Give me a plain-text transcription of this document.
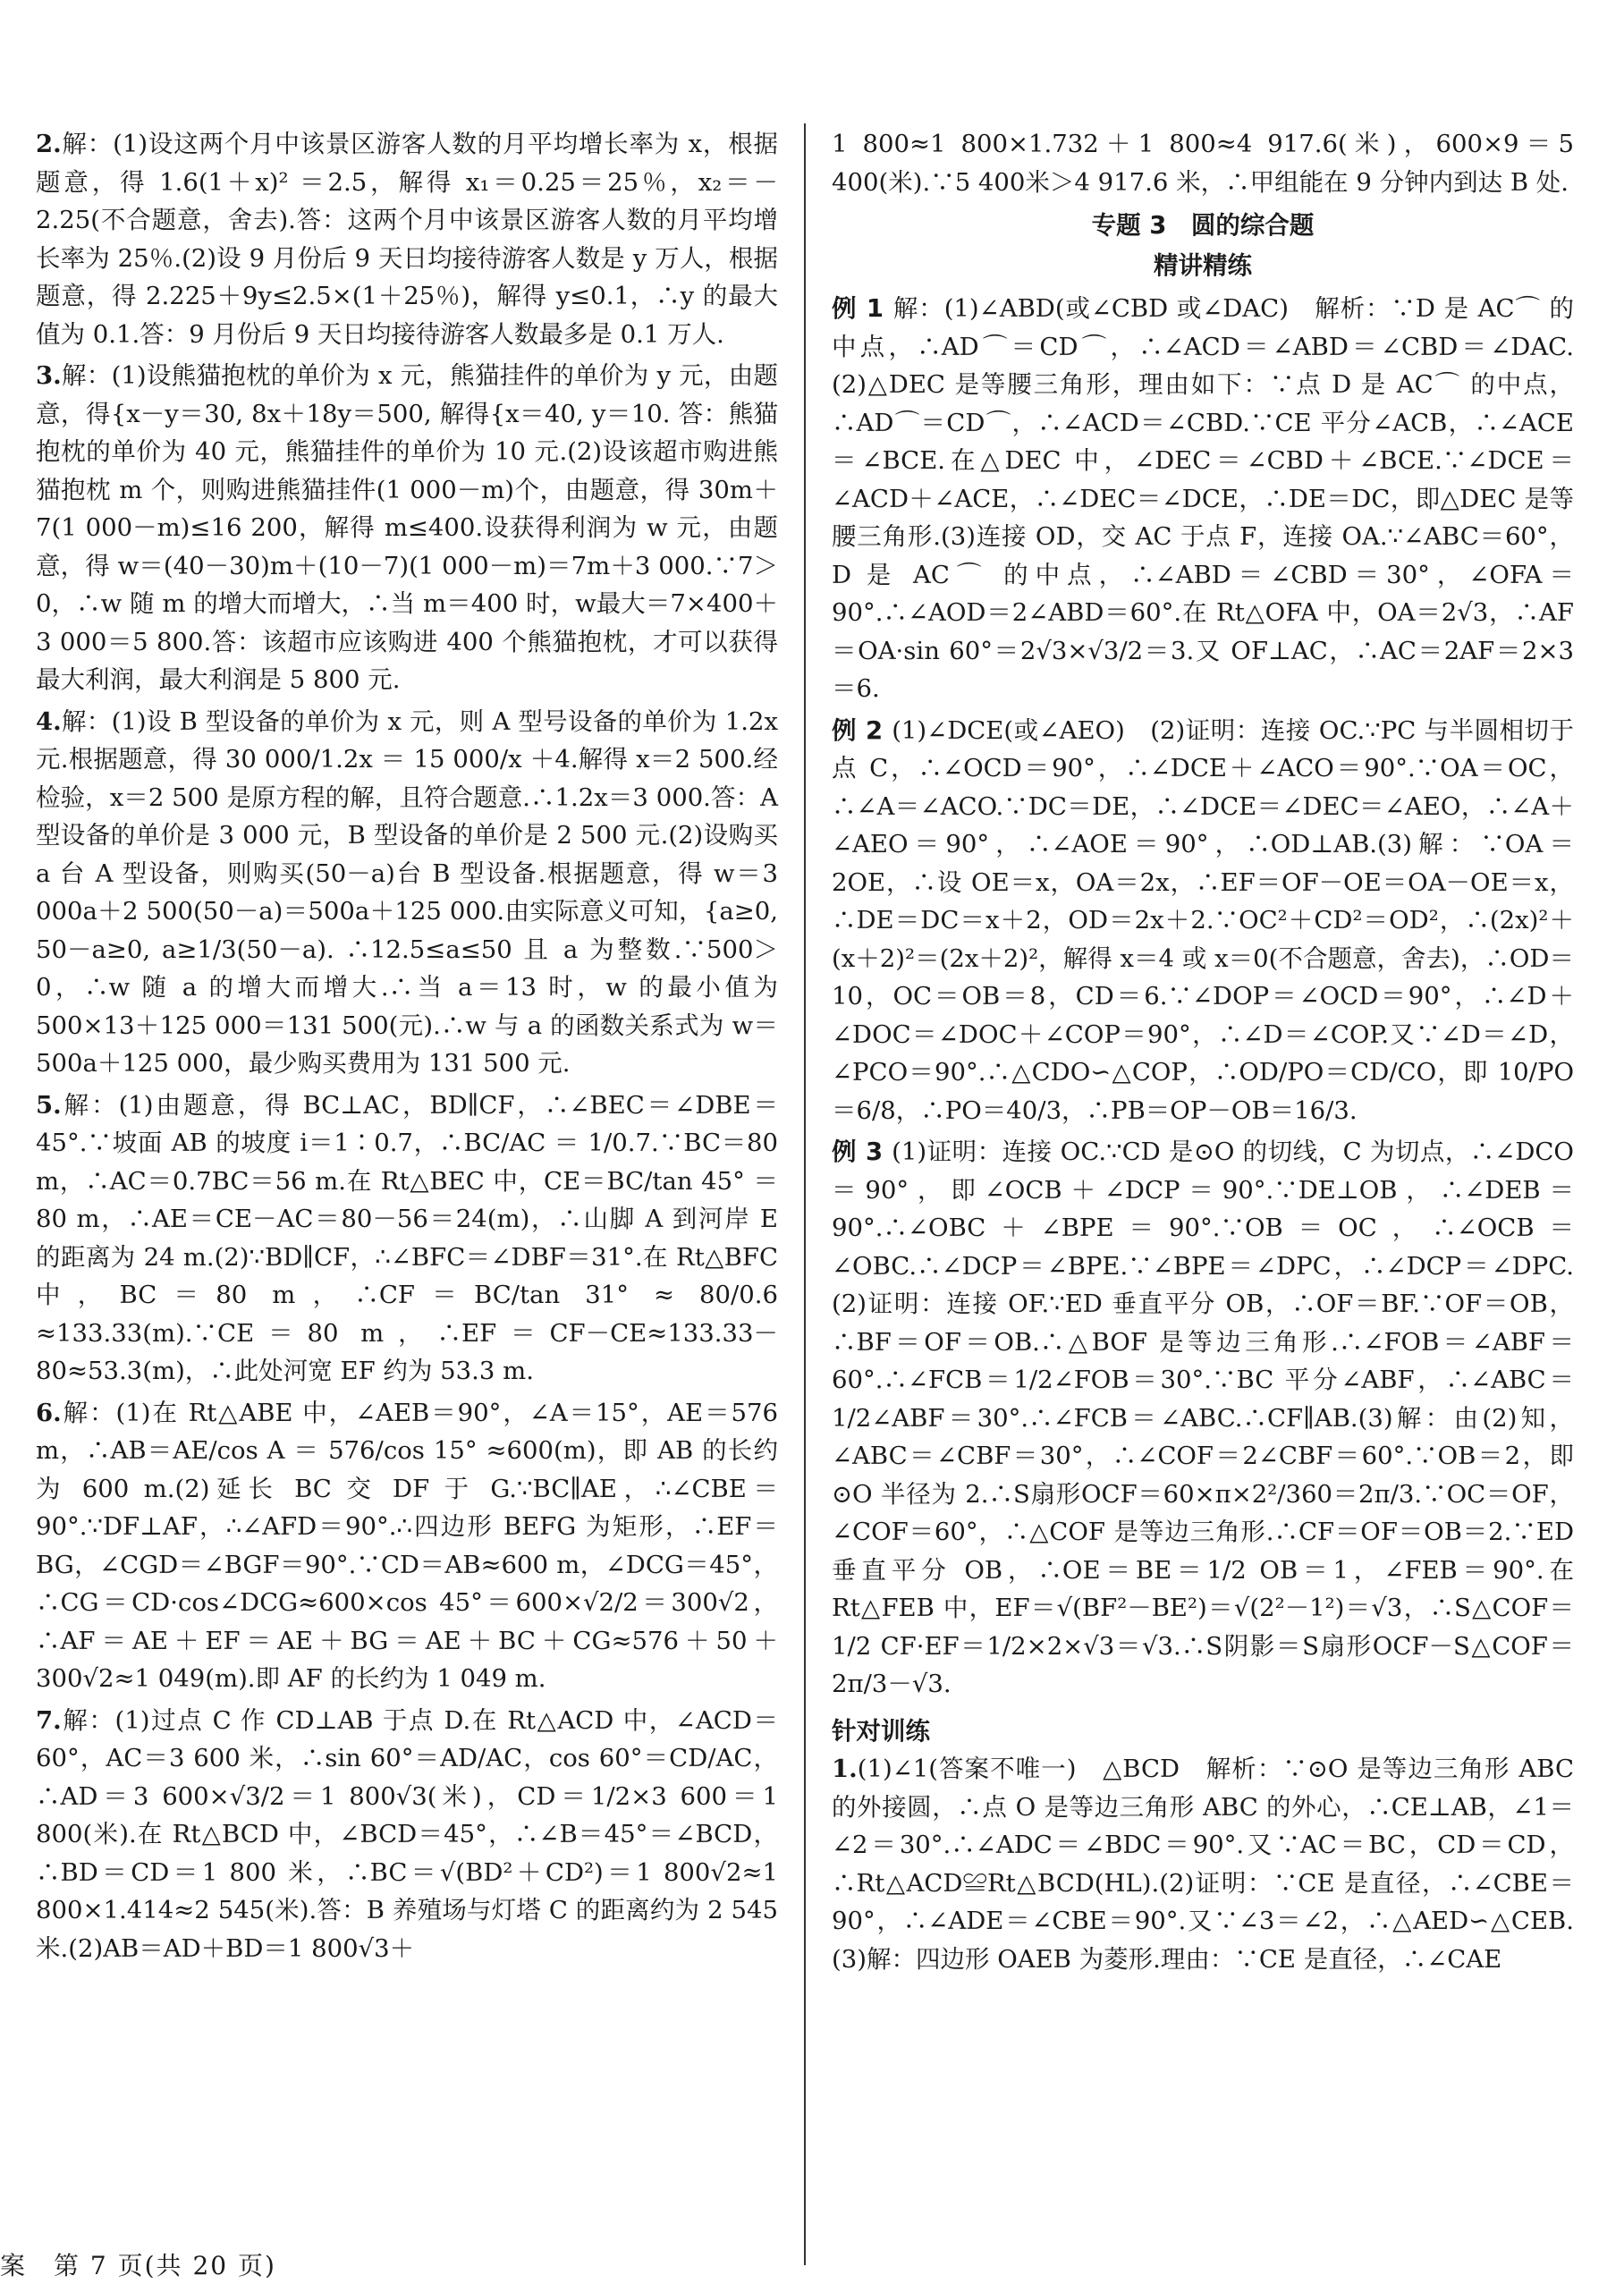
2.解：(1)设这两个月中该景区游客人数的月平均增长率为 x，根据题意，得 1.6(1＋x)² ＝2.5，解得 x₁＝0.25＝25％，x₂＝－2.25(不合题意，舍去).答：这两个月中该景区游客人数的月平均增长率为 25％.(2)设 9 月份后 9 天日均接待游客人数是 y 万人，根据题意，得 2.225＋9y≤2.5×(1＋25％)，解得 y≤0.1，∴y 的最大值为 0.1.答：9 月份后 9 天日均接待游客人数最多是 0.1 万人.

3.解：(1)设熊猫抱枕的单价为 x 元，熊猫挂件的单价为 y 元，由题意，得{x－y＝30, 8x＋18y＝500, 解得{x＝40, y＝10. 答：熊猫抱枕的单价为 40 元，熊猫挂件的单价为 10 元.(2)设该超市购进熊猫抱枕 m 个，则购进熊猫挂件(1 000－m)个，由题意，得 30m＋7(1 000－m)≤16 200，解得 m≤400.设获得利润为 w 元，由题意，得 w＝(40－30)m＋(10－7)(1 000－m)＝7m＋3 000.∵7＞0，∴w 随 m 的增大而增大，∴当 m＝400 时，w最大＝7×400＋3 000＝5 800.答：该超市应该购进 400 个熊猫抱枕，才可以获得最大利润，最大利润是 5 800 元.

4.解：(1)设 B 型设备的单价为 x 元，则 A 型号设备的单价为 1.2x 元.根据题意，得 30 000/1.2x ＝ 15 000/x ＋4.解得 x＝2 500.经检验，x＝2 500 是原方程的解，且符合题意.∴1.2x＝3 000.答：A 型设备的单价是 3 000 元，B 型设备的单价是 2 500 元.(2)设购买 a 台 A 型设备，则购买(50－a)台 B 型设备.根据题意，得 w＝3 000a＋2 500(50－a)＝500a＋125 000.由实际意义可知，{a≥0, 50－a≥0, a≥1/3(50－a). ∴12.5≤a≤50 且 a 为整数.∵500＞0，∴w 随 a 的增大而增大.∴当 a＝13 时，w 的最小值为 500×13＋125 000＝131 500(元).∴w 与 a 的函数关系式为 w＝500a＋125 000，最少购买费用为 131 500 元.

5.解：(1)由题意，得 BC⊥AC，BD∥CF，∴∠BEC＝∠DBE＝45°.∵坡面 AB 的坡度 i＝1∶0.7，∴BC/AC ＝ 1/0.7.∵BC＝80 m，∴AC＝0.7BC＝56 m.在 Rt△BEC 中，CE＝BC/tan 45° ＝80 m，∴AE＝CE－AC＝80－56＝24(m)，∴山脚 A 到河岸 E 的距离为 24 m.(2)∵BD∥CF，∴∠BFC＝∠DBF＝31°.在 Rt△BFC 中，BC＝80 m，∴CF＝BC/tan 31° ≈ 80/0.6 ≈133.33(m).∵CE＝80 m，∴EF＝CF－CE≈133.33－80≈53.3(m)，∴此处河宽 EF 约为 53.3 m.

6.解：(1)在 Rt△ABE 中，∠AEB＝90°，∠A＝15°，AE＝576 m，∴AB＝AE/cos A ＝ 576/cos 15° ≈600(m)，即 AB 的长约为 600 m.(2)延长 BC 交 DF 于 G.∵BC∥AE，∴∠CBE＝90°.∵DF⊥AF，∴∠AFD＝90°.∴四边形 BEFG 为矩形，∴EF＝BG，∠CGD＝∠BGF＝90°.∵CD＝AB≈600 m，∠DCG＝45°，∴CG＝CD·cos∠DCG≈600×cos 45°＝600×√2/2＝300√2，∴AF＝AE＋EF＝AE＋BG＝AE＋BC＋CG≈576＋50＋300√2≈1 049(m).即 AF 的长约为 1 049 m.

7.解：(1)过点 C 作 CD⊥AB 于点 D.在 Rt△ACD 中，∠ACD＝60°，AC＝3 600 米，∴sin 60°＝AD/AC，cos 60°＝CD/AC，∴AD＝3 600×√3/2＝1 800√3(米)，CD＝1/2×3 600＝1 800(米).在 Rt△BCD 中，∠BCD＝45°，∴∠B＝45°＝∠BCD，∴BD＝CD＝1 800 米，∴BC＝√(BD²＋CD²)＝1 800√2≈1 800×1.414≈2 545(米).答：B 养殖场与灯塔 C 的距离约为 2 545 米.(2)AB＝AD＋BD＝1 800√3＋

1 800≈1 800×1.732＋1 800≈4 917.6(米)，600×9＝5 400(米).∵5 400米＞4 917.6 米，∴甲组能在 9 分钟内到达 B 处.

专题 3　圆的综合题
精讲精练

例 1 解：(1)∠ABD(或∠CBD 或∠DAC)　解析：∵D 是 AC⌒ 的中点，∴AD⌒＝CD⌒，∴∠ACD＝∠ABD＝∠CBD＝∠DAC.(2)△DEC 是等腰三角形，理由如下：∵点 D 是 AC⌒ 的中点，∴AD⌒＝CD⌒，∴∠ACD＝∠CBD.∵CE 平分∠ACB，∴∠ACE＝∠BCE.在△DEC 中，∠DEC＝∠CBD＋∠BCE.∵∠DCE＝∠ACD＋∠ACE，∴∠DEC＝∠DCE，∴DE＝DC，即△DEC 是等腰三角形.(3)连接 OD，交 AC 于点 F，连接 OA.∵∠ABC＝60°，D 是 AC⌒ 的中点，∴∠ABD＝∠CBD＝30°，∠OFA＝90°.∴∠AOD＝2∠ABD＝60°.在 Rt△OFA 中，OA＝2√3，∴AF＝OA·sin 60°＝2√3×√3/2＝3.又 OF⊥AC，∴AC＝2AF＝2×3＝6.

例 2 (1)∠DCE(或∠AEO)　(2)证明：连接 OC.∵PC 与半圆相切于点 C，∴∠OCD＝90°，∴∠DCE＋∠ACO＝90°.∵OA＝OC，∴∠A＝∠ACO.∵DC＝DE，∴∠DCE＝∠DEC＝∠AEO，∴∠A＋∠AEO＝90°，∴∠AOE＝90°，∴OD⊥AB.(3)解：∵OA＝2OE，∴设 OE＝x，OA＝2x，∴EF＝OF－OE＝OA－OE＝x，∴DE＝DC＝x＋2，OD＝2x＋2.∵OC²＋CD²＝OD²，∴(2x)²＋(x＋2)²＝(2x＋2)²，解得 x＝4 或 x＝0(不合题意，舍去)，∴OD＝10，OC＝OB＝8，CD＝6.∵∠DOP＝∠OCD＝90°，∴∠D＋∠DOC＝∠DOC＋∠COP＝90°，∴∠D＝∠COP.又∵∠D＝∠D，∠PCO＝90°.∴△CDO∽△COP，∴OD/PO＝CD/CO，即 10/PO＝6/8，∴PO＝40/3，∴PB＝OP－OB＝16/3.

例 3 (1)证明：连接 OC.∵CD 是⊙O 的切线，C 为切点，∴∠DCO＝90°，即∠OCB＋∠DCP＝90°.∵DE⊥OB，∴∠DEB＝90°.∴∠OBC＋∠BPE＝90°.∵OB＝OC，∴∠OCB＝∠OBC.∴∠DCP＝∠BPE.∵∠BPE＝∠DPC，∴∠DCP＝∠DPC.(2)证明：连接 OF.∵ED 垂直平分 OB，∴OF＝BF.∵OF＝OB，∴BF＝OF＝OB.∴△BOF 是等边三角形.∴∠FOB＝∠ABF＝60°.∴∠FCB＝1/2∠FOB＝30°.∵BC 平分∠ABF，∴∠ABC＝1/2∠ABF＝30°.∴∠FCB＝∠ABC.∴CF∥AB.(3)解：由(2)知，∠ABC＝∠CBF＝30°，∴∠COF＝2∠CBF＝60°.∵OB＝2，即⊙O 半径为 2.∴S扇形OCF＝60×π×2²/360＝2π/3.∵OC＝OF，∠COF＝60°，∴△COF 是等边三角形.∴CF＝OF＝OB＝2.∵ED 垂直平分 OB，∴OE＝BE＝1/2 OB＝1，∠FEB＝90°.在 Rt△FEB 中，EF＝√(BF²－BE²)＝√(2²－1²)＝√3，∴S△COF＝1/2 CF·EF＝1/2×2×√3＝√3.∴S阴影＝S扇形OCF－S△COF＝2π/3－√3.

针对训练

1.(1)∠1(答案不唯一)　△BCD　解析：∵⊙O 是等边三角形 ABC 的外接圆，∴点 O 是等边三角形 ABC 的外心，∴CE⊥AB，∠1＝∠2＝30°.∴∠ADC＝∠BDC＝90°.又∵AC＝BC，CD＝CD，∴Rt△ACD≌Rt△BCD(HL).(2)证明：∵CE 是直径，∴∠CBE＝90°，∴∠ADE＝∠CBE＝90°.又∵∠3＝∠2，∴△AED∽△CEB.(3)解：四边形 OAEB 为菱形.理由：∵CE 是直径，∴∠CAE

案　第 7 页(共 20 页)
